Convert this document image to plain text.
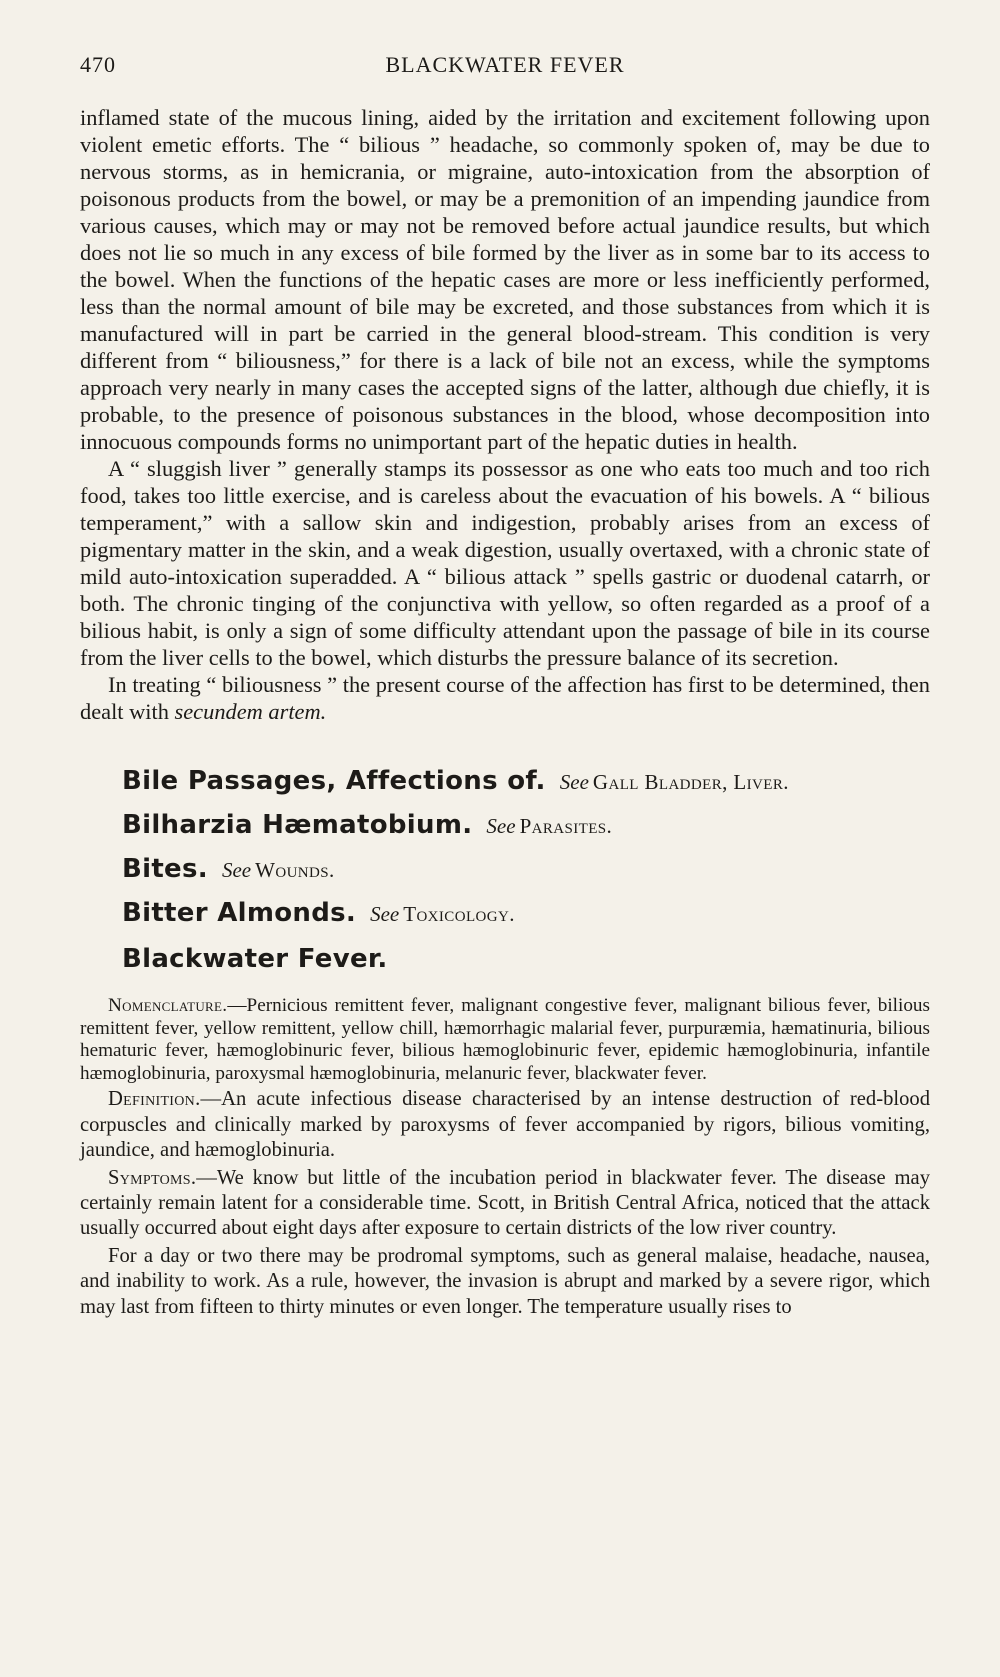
470	BLACKWATER FEVER

inflamed state of the mucous lining, aided by the irritation and excitement following upon violent emetic efforts. The “ bilious ” headache, so commonly spoken of, may be due to nervous storms, as in hemicrania, or migraine, auto-intoxication from the absorption of poisonous products from the bowel, or may be a premonition of an impending jaundice from various causes, which may or may not be removed before actual jaundice results, but which does not lie so much in any excess of bile formed by the liver as in some bar to its access to the bowel. When the functions of the hepatic cases are more or less inefficiently performed, less than the normal amount of bile may be excreted, and those substances from which it is manufactured will in part be carried in the general blood-stream. This condition is very different from “ biliousness,” for there is a lack of bile not an excess, while the symptoms approach very nearly in many cases the accepted signs of the latter, although due chiefly, it is probable, to the presence of poisonous substances in the blood, whose decomposition into innocuous compounds forms no unimportant part of the hepatic duties in health.

A “ sluggish liver ” generally stamps its possessor as one who eats too much and too rich food, takes too little exercise, and is careless about the evacuation of his bowels. A “ bilious temperament,” with a sallow skin and indigestion, probably arises from an excess of pigmentary matter in the skin, and a weak digestion, usually overtaxed, with a chronic state of mild auto-intoxication superadded. A “ bilious attack ” spells gastric or duodenal catarrh, or both. The chronic tinging of the conjunctiva with yellow, so often regarded as a proof of a bilious habit, is only a sign of some difficulty attendant upon the passage of bile in its course from the liver cells to the bowel, which disturbs the pressure balance of its secretion.

In treating “ biliousness ” the present course of the affection has first to be determined, then dealt with secundem artem.

Bile Passages, Affections of. See Gall Bladder, Liver.
Bilharzia Hæmatobium. See Parasites.
Bites. See Wounds.
Bitter Almonds. See Toxicology.
Blackwater Fever.

Nomenclature.—Pernicious remittent fever, malignant congestive fever, malignant bilious fever, bilious remittent fever, yellow remittent, yellow chill, hæmorrhagic malarial fever, purpuræmia, hæmatinuria, bilious hematuric fever, hæmoglobinuric fever, bilious hæmoglobinuric fever, epidemic hæmoglobinuria, infantile hæmoglobinuria, paroxysmal hæmoglobinuria, melanuric fever, blackwater fever.

Definition.—An acute infectious disease characterised by an intense destruction of red-blood corpuscles and clinically marked by paroxysms of fever accompanied by rigors, bilious vomiting, jaundice, and hæmoglobinuria.

Symptoms.—We know but little of the incubation period in blackwater fever. The disease may certainly remain latent for a considerable time. Scott, in British Central Africa, noticed that the attack usually occurred about eight days after exposure to certain districts of the low river country.

For a day or two there may be prodromal symptoms, such as general malaise, headache, nausea, and inability to work. As a rule, however, the invasion is abrupt and marked by a severe rigor, which may last from fifteen to thirty minutes or even longer. The temperature usually rises to
